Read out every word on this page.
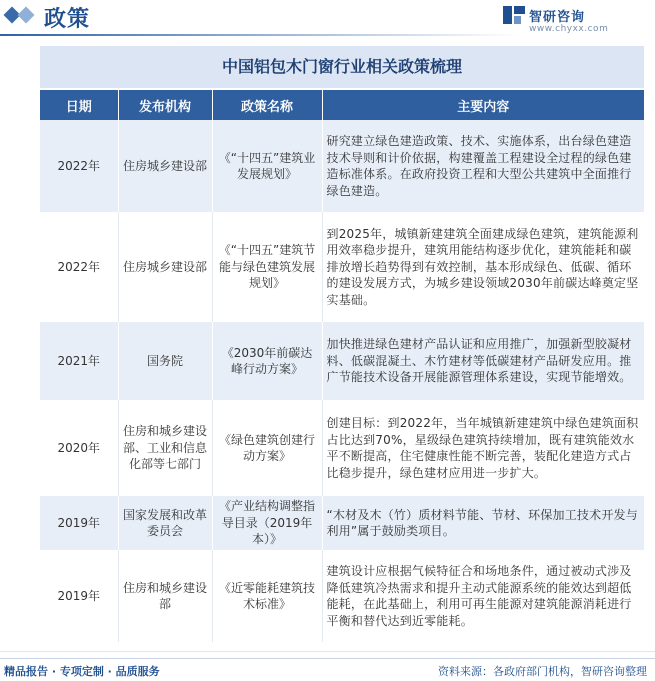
政策	智研咨询
www.chyxx.com
中国铝包木门窗行业相关政策梳理
日期	发布机构	政策名称	主要内容
2022年	住房城乡建设部	《“十四五”建筑业发展规划》	研究建立绿色建造政策、技术、实施体系，出台绿色建造技术导则和计价依据，构建覆盖工程建设全过程的绿色建造标准体系。在政府投资工程和大型公共建筑中全面推行绿色建造。
2022年	住房城乡建设部	《“十四五”建筑节能与绿色建筑发展规划》	到2025年，城镇新建建筑全面建成绿色建筑，建筑能源利用效率稳步提升，建筑用能结构逐步优化，建筑能耗和碳排放增长趋势得到有效控制，基本形成绿色、低碳、循环的建设发展方式，为城乡建设领域2030年前碳达峰奠定坚实基础。
2021年	国务院	《2030年前碳达峰行动方案》	加快推进绿色建材产品认证和应用推广，加强新型胶凝材料、低碳混凝土、木竹建材等低碳建材产品研发应用。推广节能技术设备开展能源管理体系建设，实现节能增效。
2020年	住房和城乡建设部、工业和信息化部等七部门	《绿色建筑创建行动方案》	创建目标：到2022年，当年城镇新建建筑中绿色建筑面积占比达到70%，星级绿色建筑持续增加，既有建筑能效水平不断提高，住宅健康性能不断完善，装配化建造方式占比稳步提升，绿色建材应用进一步扩大。
2019年	国家发展和改革委员会	《产业结构调整指导目录（2019年本）》	“木材及木（竹）质材料节能、节材、环保加工技术开发与利用”属于鼓励类项目。
2019年	住房和城乡建设部	《近零能耗建筑技术标准》	建筑设计应根据气候特征合和场地条件，通过被动式涉及降低建筑冷热需求和提升主动式能源系统的能效达到超低能耗，在此基础上，利用可再生能源对建筑能源消耗进行平衡和替代达到近零能耗。
精品报告 · 专项定制 · 品质服务	资料来源：各政府部门机构，智研咨询整理
